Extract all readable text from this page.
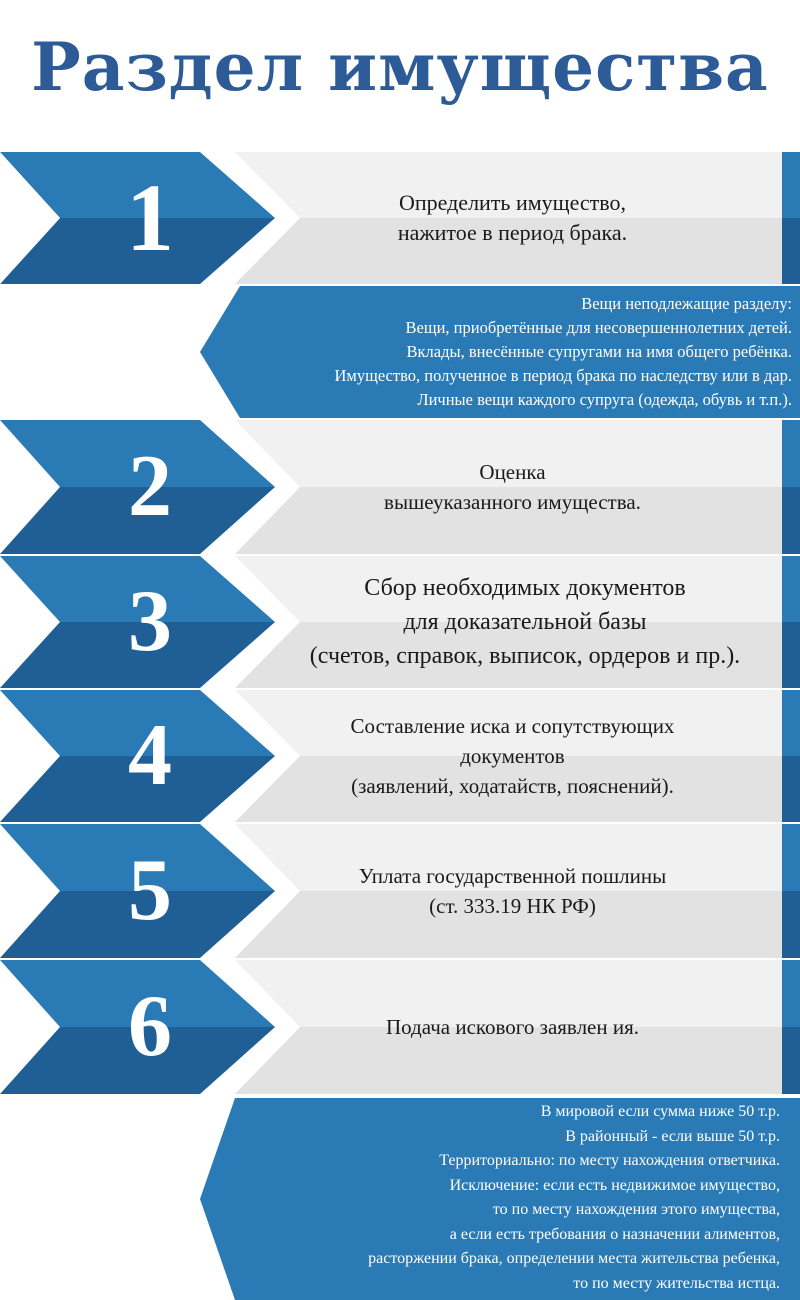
Раздел имущества
1	Определить имущество,
нажитое в период брака.
Вещи неподлежащие разделу:
Вещи, приобретённые для несовершеннолетних детей.
Вклады, внесённые супругами на имя общего ребёнка.
Имущество, полученное в период брака по наследству или в дар.
Личные вещи каждого супруга (одежда, обувь и т.п.).
2	Оценка
вышеуказанного имущества.
3	Сбор необходимых документов
для доказательной базы
(счетов, справок, выписок, ордеров и пр.).
4	Составление иска и сопутствующих
документов
(заявлений, ходатайств, пояснений).
5	Уплата государственной пошлины
(ст. 333.19 НК РФ)
6	Подача искового заявлен ия.
В мировой если сумма ниже 50 т.р.
В районный - если выше 50 т.р.
Территориально: по месту нахождения ответчика.
Исключение: если есть недвижимое имущество,
то по месту нахождения этого имущества,
а если есть требования о назначении алиментов,
расторжении брака, определении места жительства ребенка,
то по месту жительства истца.
